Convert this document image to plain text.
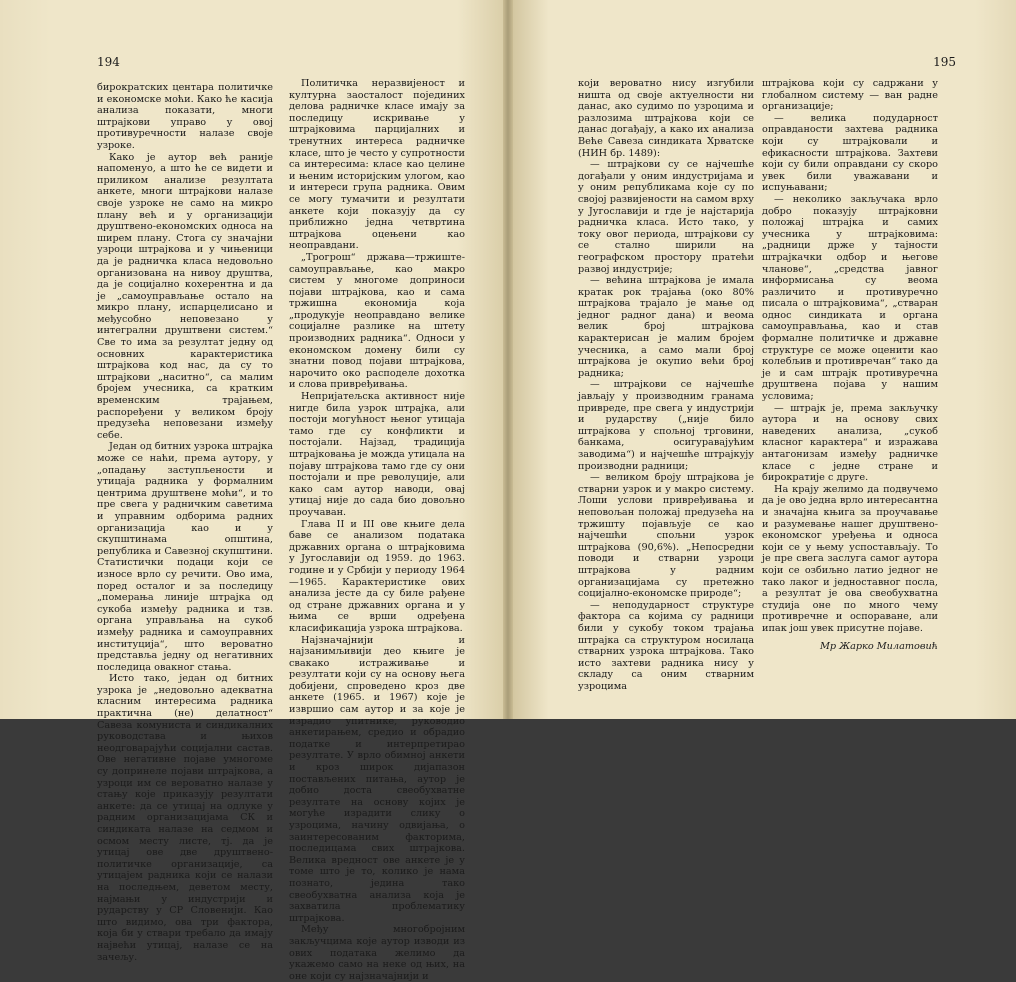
194

бирократских центара политичке и економске моћи. Како ће касија анализа показати, многи штрајкови упрaво у овој противуречности налазе своје узроке.

Како је аутор већ раније напоменуо, а што ће се видети и приликом анализе резултата анкете, многи штрајкови налазе своје узроке не само на микро плану већ и у организацији друштвено-економских односа на ширем плану. Стога су значајни узроци штрајкова и у чињеници да је радничка класа недовољно организована на нивоу друштва, да је социјално кохерентна и да је „самоуправљање остало на микро плану, испарцелисано и међусобно неповезано у интегрални друштвени систем.“ Све то има за резултат једну од основних карактеристика штрајкова код нас, да су то штрајкови „наситно“, са малим бројем учесника, са кратким временским трајањем, распоређени у великом броју предузећа неповезани између себе.

Један од битних узрока штрајка може се наћи, према аутору, у „опадању заступљености и утицаја радника у формалним центрима друштвене моћи“, и то пре свега у радничким саветима и управним одборима радних организација као и у скупштинама општина, република и Савезној скупштини. Статистички подаци који се износе врло су речити. Ово има, поред осталог и за последицу „померања линије штрајка од сукоба између радника и тзв. органа управљања на сукоб између радника и самоуправних институција“, што вероватно представља једну од негативних последица овакног стања.

Исто тако, један од битних узрока је „недовољно адекватна класним интересима радника практична (не) делатност“ Савеза комуниста и синдикалних руководстава и њихов неодговарајући социјални састав. Ове негативне појаве умногоме су допринеле појави штрајкова, а узроци им се вероватно налазе у стању које приказују резултати анкете: да се утицај на одлуке у радним организацијама СК и синдиката налазе на седмом и осмом месту листе, тј. да је утицај ове две друштвено-политичке организације, са утицајем радника који се налази на последњем, деветом месту, најмањи у индустрији и рударству у СР Словенији. Као што видимо, ова три фактора, која би у ствари требало да имају највећи утицај, налазе се на зачељу.

Политичка неразвијеност и културна заосталост појединих делова радничке класе имају за последицу искривање у штрајковима парцијалних и тренутних интереса радничке класе, што је често у супротности са интересима: класе као целине и њеним историјским улогом, као и интереси група радника. Овим се могу тумачити и резултати анкете који показују да су приближно једна четвртина штрајкова оцењени као неоправдани.

„Трогрош“ држава—тржиште-самоуправљање, као макро систем у многоме доприноси појави штрајкова, као и сама тржишна економија која „продукује неоправдано велике социјалне разлике на штету производних радника“. Односи у економском домену били су знатни повод појави штрајкова, нарочито око расподеле дохотка и слова привређивања.

Непријатељска активност није нигде била узрок штрајка, али постоји могућност њеног утицаја тамо где су конфликти и постојали. Најзад, традиција штрајковања је можда утицала на појаву штрајкова тамо где су они постојали и пре револуције, али како сам аутор наводи, овај утицај није до сада био довољно проучаван.

Глава II и III ове књиге дела баве се анализом података државних органа о штрајковима у Југославији од 1959. до 1963. године и у Србији у периоду 1964—1965. Карактеристике ових анализа јесте да су биле рађене од стране државних органа и у њима се врши одређена класификација узрока штрајкова.

Најзначајнији и најзанимљивији део књиге је свакако истраживање и резултати који су на основу њега добијени, спроведено кроз две анкете (1965. и 1967) које је извршио сам аутор и за које је израдио упитнике, руководио анкетирањем, средио и обрадио податке и интерпретирао резултате. У врло обимној анкети и кроз широк дијапазон постављених питања, аутор је добио доста свеобухватне резултате на основу којих је могуће израдити слику о узроцима, начину одвијања, о заинтересованим факторима, последицама свих штрајкова. Велика вредност ове анкете је у томе што је то, колико је нама познато, једина тако свеобухватна анализа која је захватила проблематику штрајкова.

Међу многобројним закључцима које аутор изводи из ових података желимо да укажемо само на неке од њих, на оне који су најзначајнији и

195

који вероватно нису изгубили ништа од своје актуелности ни данас, ако судимо по узроцима и разлозима штрајкова који се данас догађају, а како их анализа Веће Савеза синдиката Хрватске (НИН бр. 1489):

— штрајкови су се најчешће догађали у оним индустријама и у оним републикама које су по својој развијености на самом врху у Југославији и где је најстарија радничка класа. Исто тако, у току овог периода, штрајкови су се стално ширили на географском простору пратећи развој индустрије;

— већина штрајкова је имала кратак рок трајања (око 80% штрајкова трајало је мање од једног радног дана) и веома велик број штрајкова карактерисан је малим бројем учесника, а само мали број штрајкова је окупио већи број радника;

— штрајкови се најчешће јављају у производним гранама привреде, пре свега у индустрији и рударству („није било штрајкова у спољној трговини, банкама, осигуравајућим заводима“) и најчешће штрајкују производни радници;

— великом броју штрајкова је стварни узрок и у макро систему. Лоши услови привређивања и неповољан положај предузећа на тржишту појављује се као најчешћи спољни узрок штрајкова (90,6%). „Непосредни поводи и стварни узроци штрајкова у радним организацијама су претежно социјално-економске природе“;

— неподударност структуре фактора са којима су радници били у сукобу током трајања штрајка са структуром носилаца стварних узрока штрајкова. Тако исто захтеви радника нису у складу са оним стварним узроцима

штрајкова који су садржани у глобалном систему — ван радне организације;

— велика подударност оправданости захтева радника који су штрајковали и ефикасности штрајкова. Захтеви који су били оправдани су скоро увек били уважавани и испуњавани;

— неколико закључака врло добро показују штрајковни положај штрајка и самих учесника у штрајковима: „радници држе у тајности штрајкачки одбор и његове чланове“, „средства јавног информисања су веома различито и противуречно писала о штрајковима“, „стваран однос синдиката и органа самоуправљања, као и став формалне политичке и државне структуре се може оценити као колебљив и противречан“ тако да је и сам штрајк противуречна друштвена појава у нашим условима;

— штрајк је, према закључку аутора и на основу свих наведених анализа, „сукоб класног карактера“ и изражава антагонизам између радничке класе с једне стране и бирократије с друге.

На крају желимо да подвучемо да је ово једна врло интересантна и значајна књига за проучавање и разумевање нашег друштвено-економског уређења и односа који се у њему успостављају. То је пре свега заслуга самог аутора који се озбиљно латио једног не тако лаког и једноставног посла, а резултат је ова свеобухватна студија оне по много чему противречне и оспораване, али ипак још увек присутне појаве.

Мр Жарко Милатовић
